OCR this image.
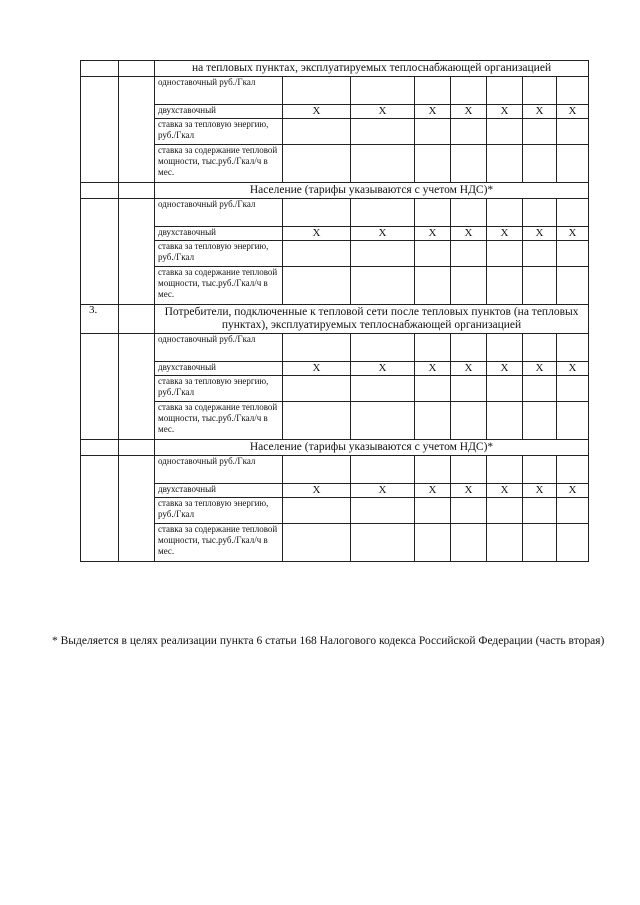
		на тепловых пунктах, эксплуатируемых теплоснабжающей организацией							
		одноставочный руб./Гкал							
		двухставочный	X	X	X	X	X	X	X
		ставка за тепловую энергию, руб./Гкал							
		ставка за содержание тепловой мощности, тыс.руб./Гкал/ч в мес.							
		Население (тарифы указываются с учетом НДС)*							
		одноставочный руб./Гкал							
		двухставочный	X	X	X	X	X	X	X
		ставка за тепловую энергию, руб./Гкал							
		ставка за содержание тепловой мощности, тыс.руб./Гкал/ч в мес.							
3.		Потребители, подключенные к тепловой сети после тепловых пунктов (на тепловых пунктах), эксплуатируемых теплоснабжающей организацией							
		одноставочный руб./Гкал							
		двухставочный	X	X	X	X	X	X	X
		ставка за тепловую энергию, руб./Гкал							
		ставка за содержание тепловой мощности, тыс.руб./Гкал/ч в мес.							
		Население (тарифы указываются с учетом НДС)*							
		одноставочный руб./Гкал							
		двухставочный	X	X	X	X	X	X	X
		ставка за тепловую энергию, руб./Гкал							
		ставка за содержание тепловой мощности, тыс.руб./Гкал/ч в мес.							
* Выделяется в целях реализации пункта 6 статьи 168 Налогового кодекса Российской Федерации (часть вторая)
